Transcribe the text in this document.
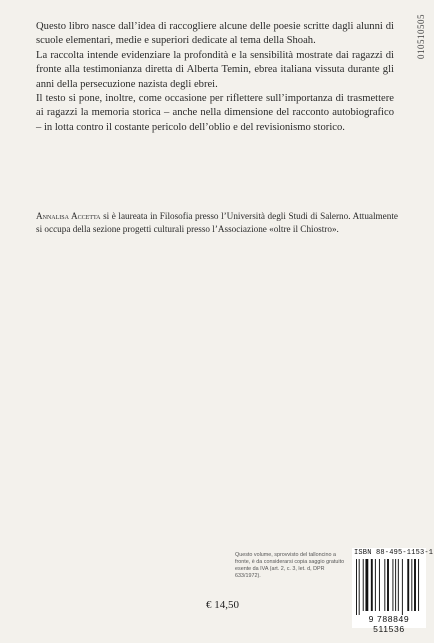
010510505

Questo libro nasce dall’idea di raccogliere alcune delle poesie scritte dagli alunni di scuole elementari, medie e superiori dedicate al tema della Shoah.

La raccolta intende evidenziare la profondità e la sensibilità mostrate dai ragazzi di fronte alla testimonianza diretta di Alberta Temin, ebrea italiana vissuta durante gli anni della persecuzione nazista degli ebrei.

Il testo si pone, inoltre, come occasione per riflettere sull’importanza di trasmettere ai ragazzi la memoria storica – anche nella dimensione del racconto autobiografico – in lotta contro il costante pericolo dell’oblio e del revisionismo storico.

Annalisa Accetta si è laureata in Filosofia presso l’Università degli Studi di Salerno. Attualmente si occupa della sezione progetti culturali presso l’Associazione «oltre il Chiostro».
Questo volume, sprovvisto del talloncino a fronte, è da considerarsi copia saggio gratuito esente da IVA (art. 2, c. 3, let. d, DPR 633/1972).
€ 14,50
ISBN 88-495-1153-1
9 788849 511536
